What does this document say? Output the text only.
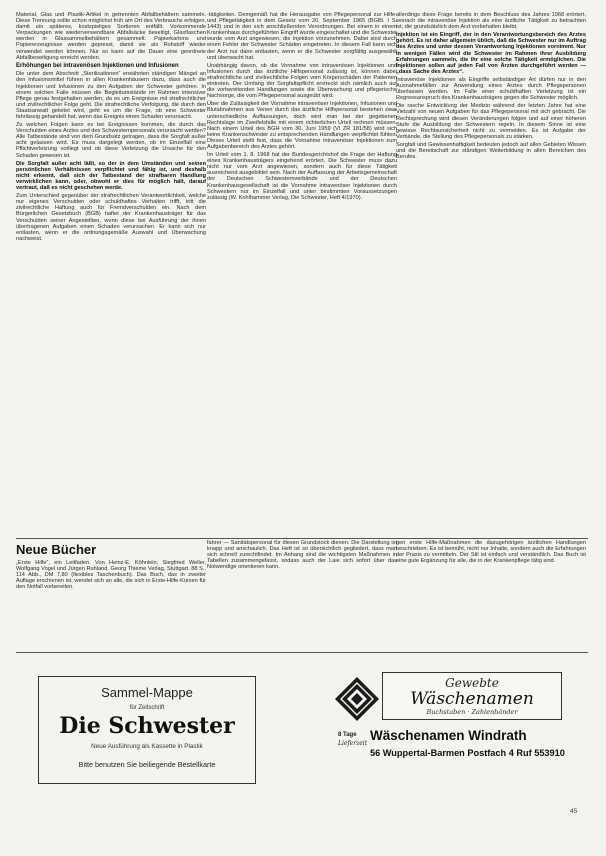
Material, Glas und Plastik-Artikel in getrennten Abfallbehältern sammeln. Diese Trennung sollte schon möglichst früh am Ort des Verbrauchs erfolgen, damit ein späteres, kostspieliges Sortieren entfällt. Vorkommende Verpackungen wie wiederverwendbare Abfallsäcke beseitigt, Glasflaschen werden in Glassammelbehältern gesammelt. Papierkartons und Papiererzeugnisse werden gepresst, damit sie als Rohstoff wieder verwendet werden können. Nur so kann auf die Dauer eine geordnete Abfallbeseitigung erreicht werden.

Erhöhungen bei intravenösen Injektionen und Infusionen

Die unter dem Abschnitt „Sterilisationen“ erwähnten ständigen Mängel an den Infusionsmittel führen in allen Krankenhäusern dazu, dass auch die Injektionen und Infusionen zu den Aufgaben der Schwester gehören. In einem solchen Falle müssen die Begleitumstände im Rahmen intensiver Pflege genau festgehalten werden, da es um Ereignisse mit strafrechtlicher und zivilrechtlicher Folge geht. Die strafrechtliche Verfolgung, die durch den Staatsanwalt geleitet wird, geht es um die Frage, ob eine Schwester fahrlässig gehandelt hat, wenn das Ereignis einen Schaden verursacht.

Zu welchen Folgen kann es bei Ereignissen kommen, die durch das Verschulden eines Arztes und des Schwesternpersonals verursacht werden? Alle Tatbestände sind von dem Grundsatz getragen, dass die Sorgfalt außer acht gelassen wird. Es muss dargelegt werden, ob im Einzelfall eine Pflichtverletzung vorliegt und ob diese Verletzung die Ursache für den Schaden gewesen ist.

Die Sorgfalt außer acht läßt, so der in dem Umständen und seinen persönlichen Verhältnissen verpflichtet und fähig ist, und deshalb nicht erkennt, daß sich der Tatbestand der strafbaren Handlung verwirklichen kann, oder, obwohl er dies für möglich hält, darauf vertraut, daß es nicht geschehen werde.

Zum Unterschied gegenüber der strafrechtlichen Verantwortlichkeit, welche nur eigenes Verschulden oder schuldhaftes Verhalten trifft, tritt die zivilrechtliche Haftung auch für Fremdverschulden ein. Nach dem Bürgerlichen Gesetzbuch (BGB) haftet der Krankenhausträger für das Verschulden seiner Angestellten, wenn diese bei Ausführung der ihnen übertragenen Aufgaben einen Schaden verursachen. Er kann sich nur entlasten, wenn er die ordnungsgemäße Auswahl und Überwachung nachweist.

-tätigkeiten. Demgemäß hat die Herausgabe von Pflegepersonal zur Hilfe- und Pflegetätigkeit in dem Gesetz vom 20. September 1965 (BGBl. I S. 1443) und in den sich anschließenden Verordnungen. Bei einem in einem Krankenhaus durchgeführten Eingriff wurde eingeschaltet und die Schwester wurde vom Arzt angewiesen, die Injektion vorzunehmen. Dabei sind durch einen Fehler der Schwester Schäden eingetreten. In diesem Fall kann sich der Arzt nur dann entlasten, wenn er die Schwester sorgfältig ausgewählt und überwacht hat.

Unabhängig davon, ob die Vornahme von intravenösen Injektionen und Infusionen durch das ärztliche Hilfspersonal zulässig ist, können dabei strafrechtliche und zivilrechtliche Folgen vom Körperschäden der Patienten eintreten. Der Umfang der Sorgfaltspflicht erstreckt sich nämlich auch auf die vorbereitenden Handlungen sowie die Überwachung und pflegerische Nachsorge, die vom Pflegepersonal ausgeübt wird.

Über die Zulässigkeit der Vornahme intravenöser Injektionen, Infusionen und Blutabnahmen aus Venen durch das ärztliche Hilfspersonal bestehen zwar unterschiedliche Auffassungen, doch wird man bei der gegebenen Rechtslage im Zweifelsfalle mit einem richterlichen Urteil rechnen müssen. Nach einem Urteil des BGH vom 30. Juni 1959 (VI ZR 181/58) wird sich keine Krankenschwester zu entsprechenden Handlungen verpflichtet fühlen. Dieses Urteil stellt fest, dass die Vornahme intravenöser Injektionen zum Aufgabenbereich des Arztes gehört.

Im Urteil vom 1. 8. 1968 hat der Bundesgerichtshof die Frage der Haftung eines Krankenhausträgers eingehend erörtert. Die Schwester muss dazu nicht nur vom Arzt angewiesen, sondern auch für diese Tätigkeit ausreichend ausgebildet sein. Nach der Auffassung der Arbeitsgemeinschaft der Deutschen Schwesternverbände und der Deutschen Krankenhausgesellschaft ist die Vornahme intravenöser Injektionen durch Schwestern nur im Einzelfall und unter bestimmten Voraussetzungen zulässig (W. Kohlhammer Verlag, Die Schwester, Heft 4/1970).

allerdings diese Frage bereits in dem Beschluss des Jahres 1968 erörtert, wonach die intravenöse Injektion als eine ärztliche Tätigkeit zu betrachten ist, die grundsätzlich dem Arzt vorbehalten bleibt.

Injektion ist ein Eingriff, der in den Verantwortungsbereich des Arztes gehört. Es ist daher allgemein üblich, daß die Schwester nur im Auftrag des Arztes und unter dessen Verantwortung Injektionen vornimmt. Nur in wenigen Fällen wird die Schwester im Rahmen ihrer Ausbildung Erfahrungen sammeln, die ihr eine solche Tätigkeit ermöglichen. Die Injektionen sollen auf jeden Fall von Ärzten durchgeführt werden — „dass Sache des Arztes“.

Intravenöse Injektionen als Eingriffe selbständiger Art dürfen nur in den Ausnahmefällen zur Anwendung eines Arztes durch Pflegepersonen überlassen werden. Im Falle einer schuldhaften Verletzung ist ein Regressanspruch des Krankenhausträgers gegen die Schwester möglich.

Die rasche Entwicklung der Medizin während der letzten Jahre hat eine Vielzahl von neuen Aufgaben für das Pflegepersonal mit sich gebracht. Die Rechtsprechung wird diesen Veränderungen folgen und auf einer höheren Stufe die Ausbildung der Schwestern regeln. In diesem Sinne ist eine gewisse Rechtsunsicherheit nicht zu vermeiden. Es ist Aufgabe der Verbände, die Stellung des Pflegepersonals zu stärken.

Sorgfalt und Gewissenhaftigkeit bedeuten jedoch auf allen Gebieten Wissen und die Bereitschaft zur ständigen Weiterbildung in allen Bereichen des Berufes.

Neue Bücher
„Erste Hilfe“, ein Leitfaden. Von Heinz-E. Köhnlein, Siegfried Weller, Wolfgang Vogel und Jürgen Ruhland. Georg Thieme Verlag, Stuttgart. 88 S., 114 Abb., DM 7,80 (flexibles Taschenbuch). Das Buch, das in zweiter Auflage erschienen ist, wendet sich an alle, die sich in Erste-Hilfe-Kursen für den Notfall vorbereiten.
fahrer — Sanitätspersonal für diesen Grundstock dienen. Die Darstellung ist knapp und anschaulich. Das Heft ist so übersichtlich gegliedert, dass man sich schnell zurechtfindet. Im Anhang sind die wichtigsten Maßnahmen in Tabellen zusammengefasst, sodass auch der Laie sich sofort über das Notwendige orientieren kann.
gen erste Hilfe-Maßnahmen die dazugehörigen ärztlichen Handlungen beschrieben. Es ist bemüht, nicht nur Inhalte, sondern auch die Erfahrungen der Praxis zu vermitteln. Der Stil ist einfach und verständlich. Das Buch ist eine gute Ergänzung für alle, die in der Krankenpflege tätig sind.
Sammel-Mappe
für Zeitschrift
Die Schwester
Neue Ausführung als Kassette in Plastik
Bitte benutzen Sie beiliegende Bestellkarte
Gewebte
Wäschenamen
Buchstaben · Zahlenbänder
8 Tage
Lieferzeit
Wäschenamen Windrath
56 Wuppertal-Barmen Postfach 4 Ruf 553910
45
